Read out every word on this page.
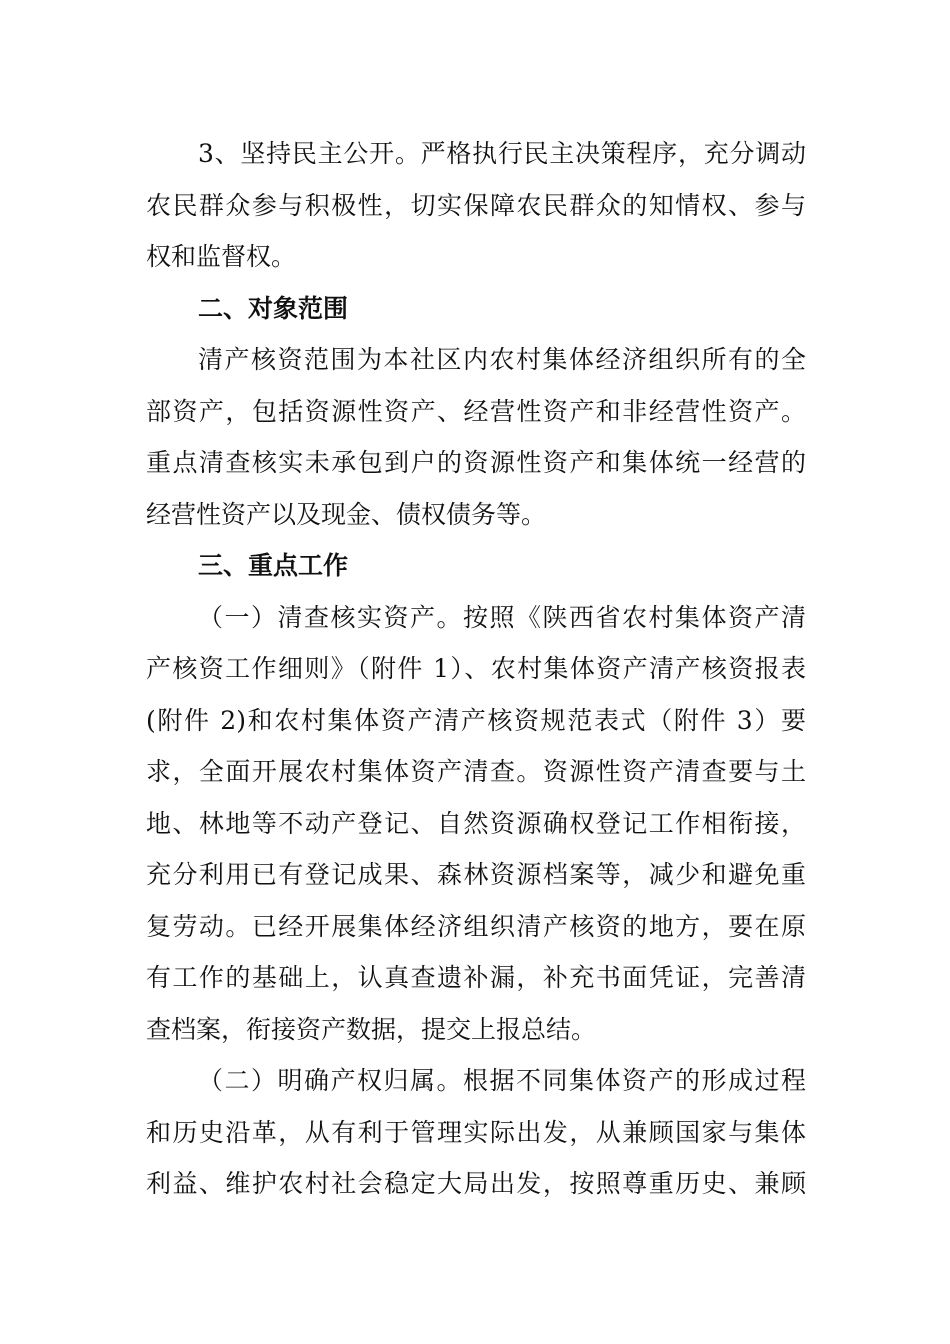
3、坚持民主公开。严格执行民主决策程序，充分调动
农民群众参与积极性，切实保障农民群众的知情权、参与
权和监督权。
二、对象范围
清产核资范围为本社区内农村集体经济组织所有的全
部资产，包括资源性资产、经营性资产和非经营性资产。
重点清查核实未承包到户的资源性资产和集体统一经营的
经营性资产以及现金、债权债务等。
三、重点工作
（一）清查核实资产。按照《陕西省农村集体资产清
产核资工作细则》（附件 1）、农村集体资产清产核资报表
(附件 2)和农村集体资产清产核资规范表式（附件 3）要
求，全面开展农村集体资产清查。资源性资产清查要与土
地、林地等不动产登记、自然资源确权登记工作相衔接，
充分利用已有登记成果、森林资源档案等，减少和避免重
复劳动。已经开展集体经济组织清产核资的地方，要在原
有工作的基础上，认真查遗补漏，补充书面凭证，完善清
查档案，衔接资产数据，提交上报总结。
（二）明确产权归属。根据不同集体资产的形成过程
和历史沿革，从有利于管理实际出发，从兼顾国家与集体
利益、维护农村社会稳定大局出发，按照尊重历史、兼顾
